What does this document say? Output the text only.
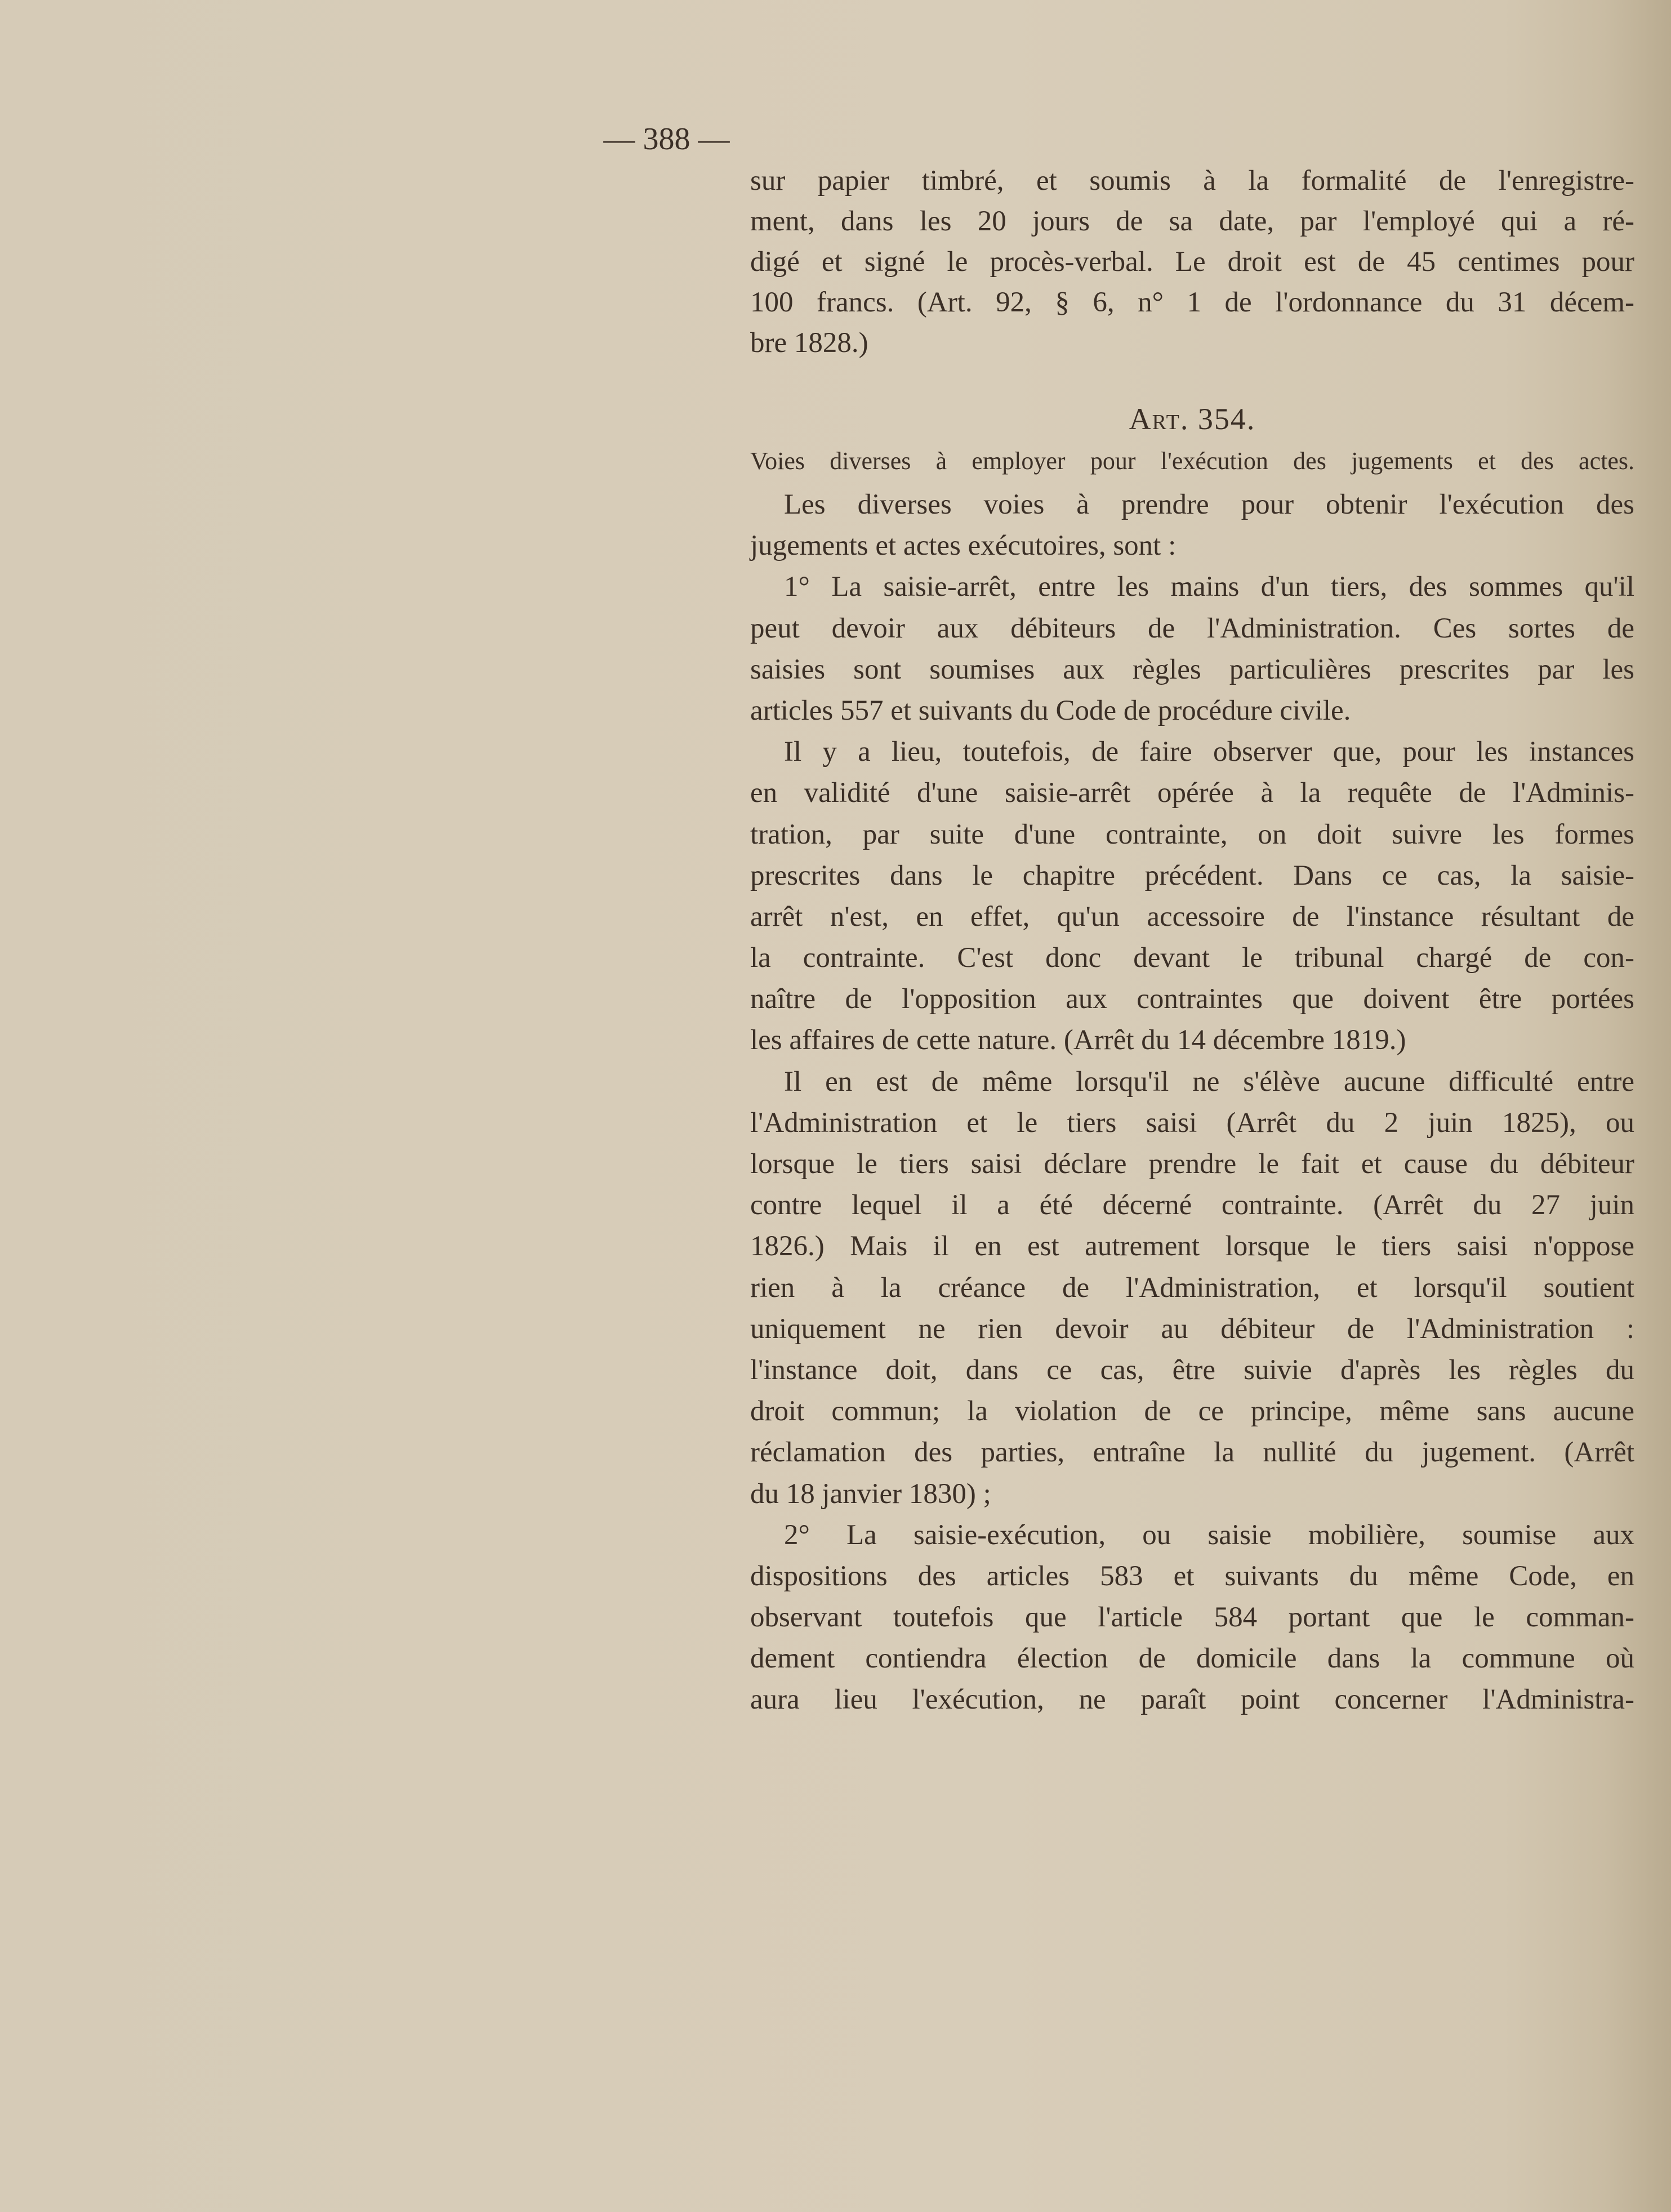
— 388 —
sur papier timbré, et soumis à la formalité de l'enregistre-
ment, dans les 20 jours de sa date, par l'employé qui a ré-
digé et signé le procès-verbal. Le droit est de 45 centimes pour
100 francs. (Art. 92, § 6, n° 1 de l'ordonnance du 31 décem-
bre 1828.)
Art. 354.
Voies diverses à employer pour l'exécution des jugements et des actes.
Les diverses voies à prendre pour obtenir l'exécution des
jugements et actes exécutoires, sont :
1° La saisie-arrêt, entre les mains d'un tiers, des sommes qu'il
peut devoir aux débiteurs de l'Administration. Ces sortes de
saisies sont soumises aux règles particulières prescrites par les
articles 557 et suivants du Code de procédure civile.
Il y a lieu, toutefois, de faire observer que, pour les instances
en validité d'une saisie-arrêt opérée à la requête de l'Adminis-
tration, par suite d'une contrainte, on doit suivre les formes
prescrites dans le chapitre précédent. Dans ce cas, la saisie-
arrêt n'est, en effet, qu'un accessoire de l'instance résultant de
la contrainte. C'est donc devant le tribunal chargé de con-
naître de l'opposition aux contraintes que doivent être portées
les affaires de cette nature. (Arrêt du 14 décembre 1819.)
Il en est de même lorsqu'il ne s'élève aucune difficulté entre
l'Administration et le tiers saisi (Arrêt du 2 juin 1825), ou
lorsque le tiers saisi déclare prendre le fait et cause du débiteur
contre lequel il a été décerné contrainte. (Arrêt du 27 juin
1826.) Mais il en est autrement lorsque le tiers saisi n'oppose
rien à la créance de l'Administration, et lorsqu'il soutient
uniquement ne rien devoir au débiteur de l'Administration :
l'instance doit, dans ce cas, être suivie d'après les règles du
droit commun; la violation de ce principe, même sans aucune
réclamation des parties, entraîne la nullité du jugement. (Arrêt
du 18 janvier 1830) ;
2° La saisie-exécution, ou saisie mobilière, soumise aux
dispositions des articles 583 et suivants du même Code, en
observant toutefois que l'article 584 portant que le comman-
dement contiendra élection de domicile dans la commune où
aura lieu l'exécution, ne paraît point concerner l'Administra-
